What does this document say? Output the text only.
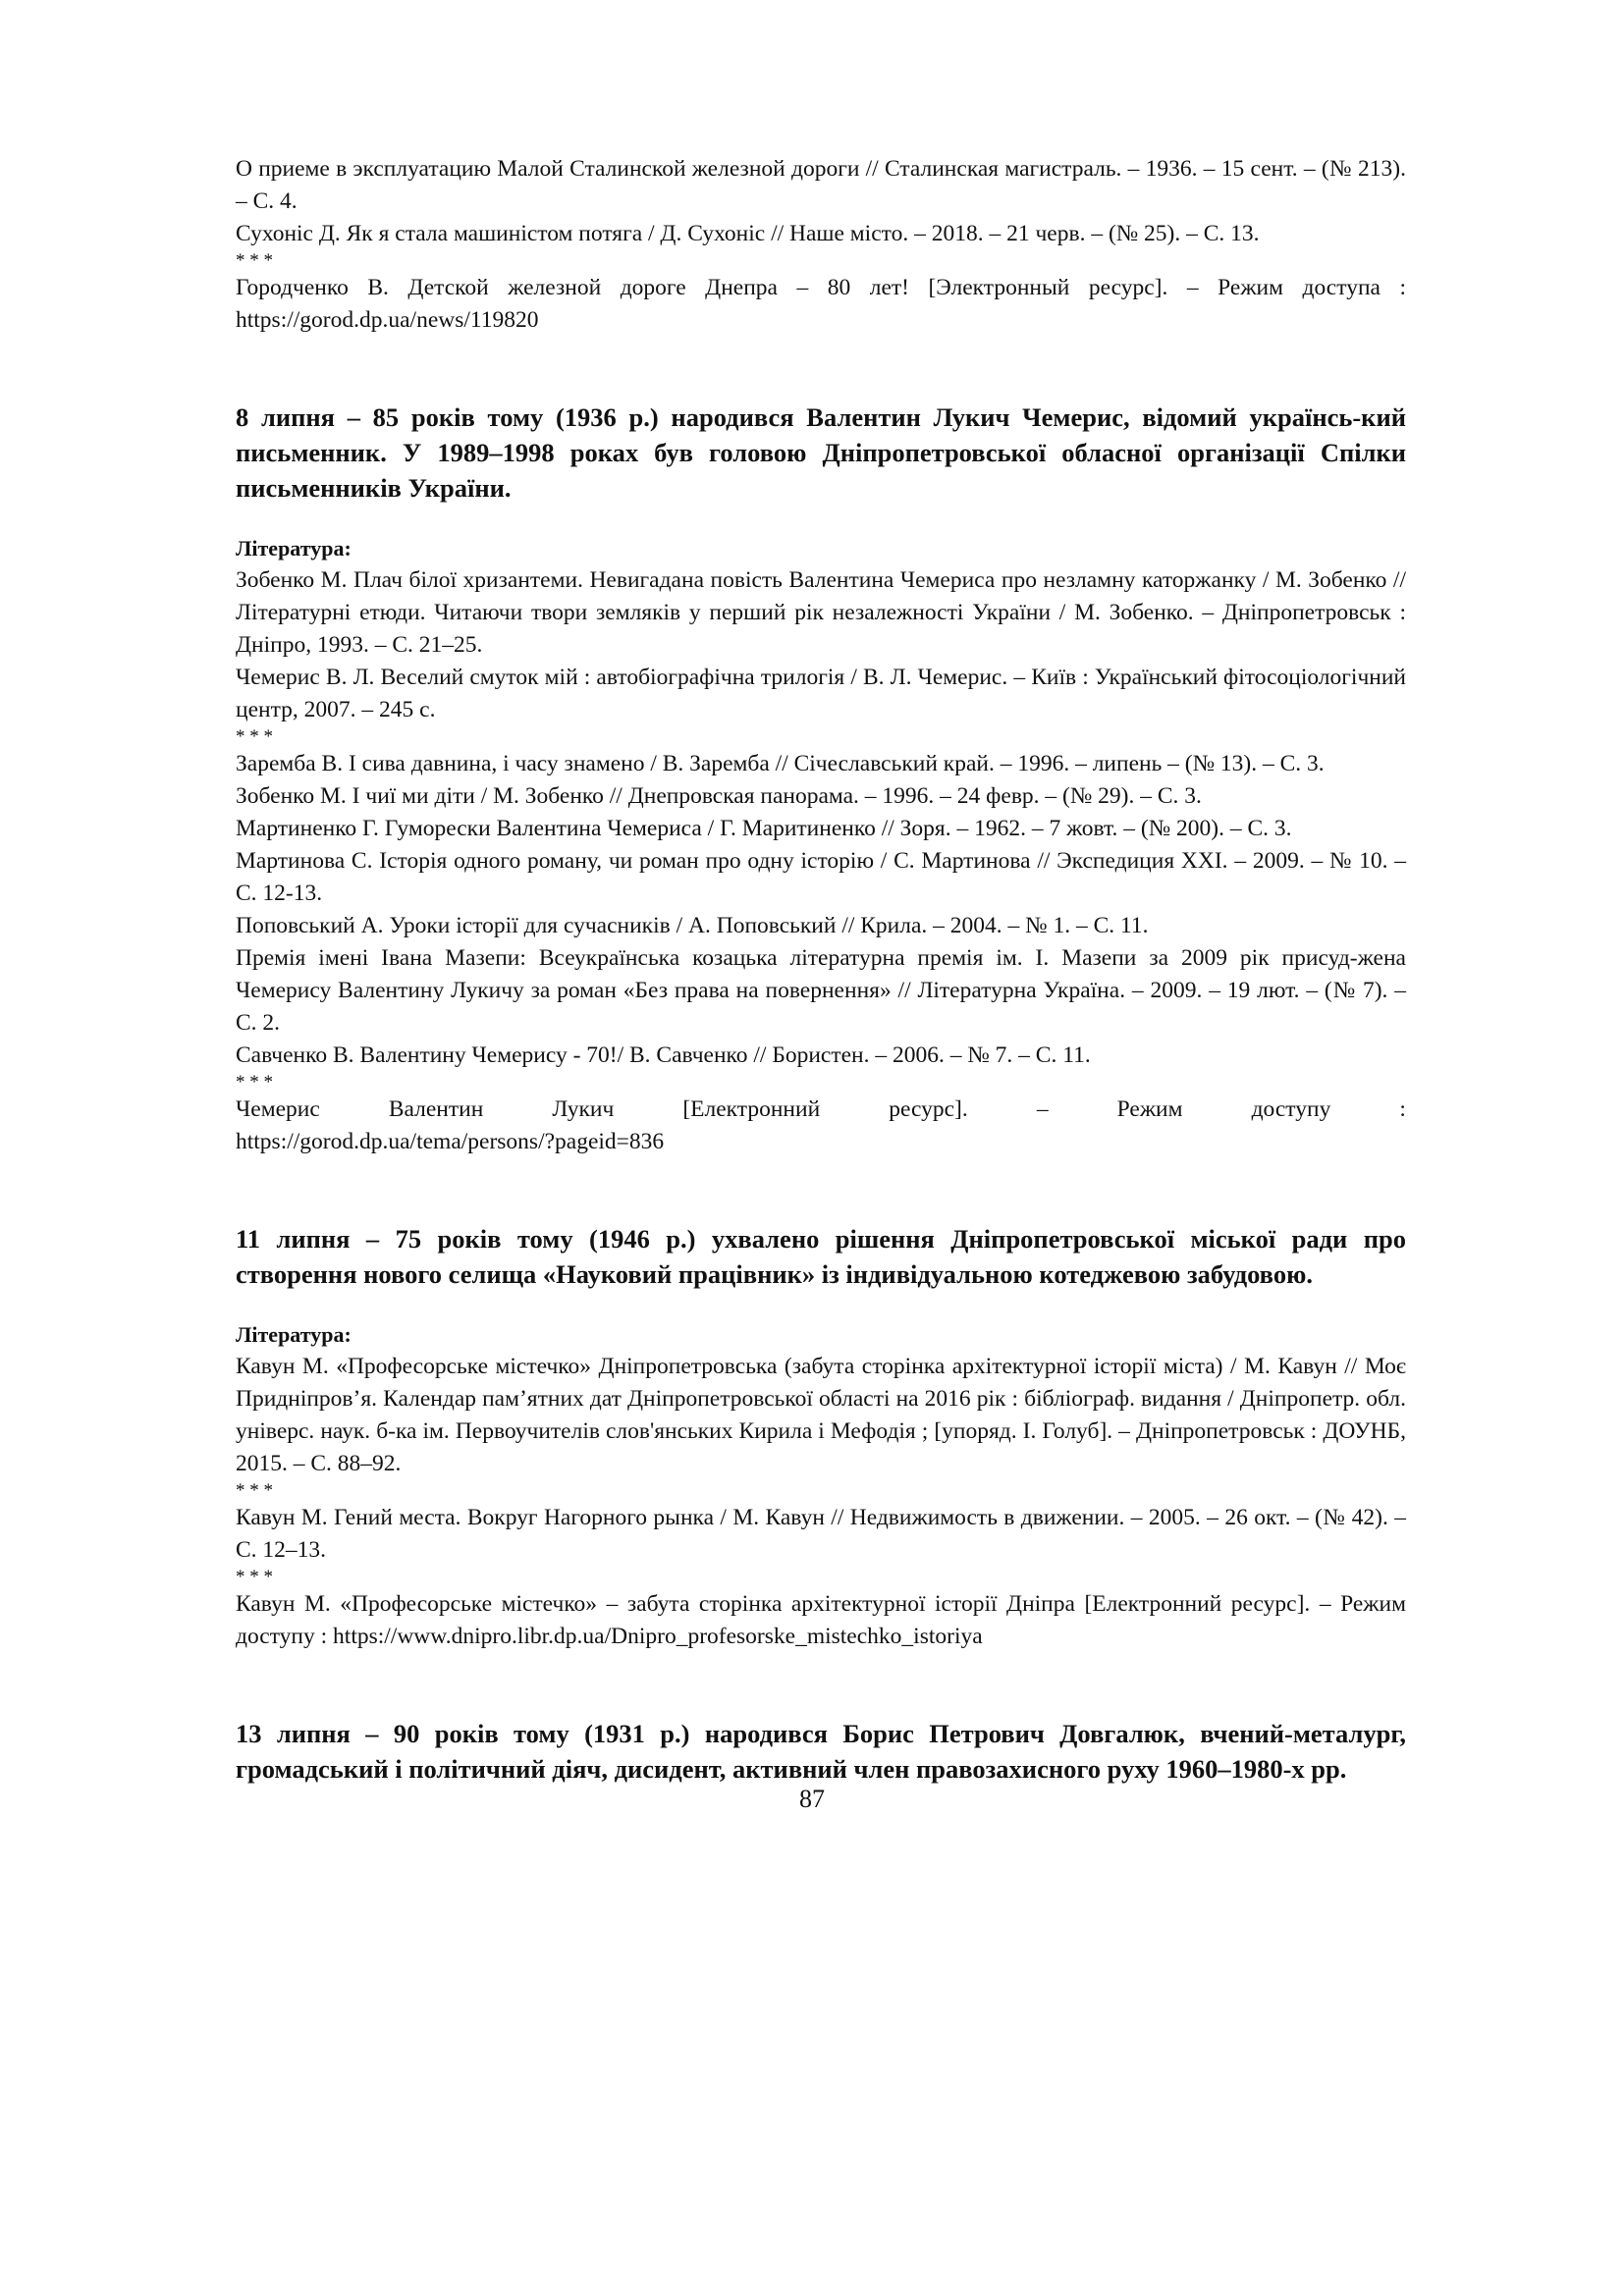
О приеме в эксплуатацию Малой Сталинской железной дороги // Сталинская магистраль. – 1936. – 15 сент. – (№ 213). – С. 4.

Сухоніс Д. Як я стала машиністом потяга / Д. Сухоніс // Наше місто. – 2018. – 21 черв. – (№ 25). – С. 13.

* * *

Городченко В. Детской железной дороге Днепра – 80 лет! [Электронный ресурс]. – Режим доступа : https://gorod.dp.ua/news/119820

8 липня – 85 років тому (1936 р.) народився Валентин Лукич Чемерис, відомий українсь-кий письменник. У 1989–1998 роках був головою Дніпропетровської обласної організації Спілки письменників України.

Література:

Зобенко М. Плач білої хризантеми. Невигадана повість Валентина Чемериса про незламну каторжанку / М. Зобенко // Літературні етюди. Читаючи твори земляків у перший рік незалежності України / М. Зобенко. – Дніпропетровськ : Дніпро, 1993. – С. 21–25.

Чемерис В. Л. Веселий смуток мій : автобіографічна трилогія / В. Л. Чемерис. – Київ : Український фітосоціологічний центр, 2007. – 245 с.

* * *

Заремба В. І сива давнина, і часу знамено / В. Заремба // Січеславський край. – 1996. – липень – (№ 13). – С. 3.

Зобенко М. І чиї ми діти / М. Зобенко // Днепровская панорама. – 1996. – 24 февр. – (№ 29). – С. 3.

Мартиненко Г. Гуморески Валентина Чемериса / Г. Маритиненко // Зоря. – 1962. – 7 жовт. – (№ 200). – С. 3.

Мартинова С. Історія одного роману, чи роман про одну історію / С. Мартинова // Экспедиция ХХІ. – 2009. – № 10. – С. 12-13.

Поповський А. Уроки історії для сучасників / А. Поповський // Крила. – 2004. – № 1. – С. 11.

Премія імені Івана Мазепи: Всеукраїнська козацька літературна премія ім. І. Мазепи за 2009 рік присуд-жена Чемерису Валентину Лукичу за роман «Без права на повернення» // Літературна Україна. – 2009. – 19 лют. – (№ 7). – С. 2.

Савченко В. Валентину Чемерису - 70!/ В. Савченко // Бористен. – 2006. – № 7. – С. 11.

* * *

Чемерис	Валентин	Лукич	[Електронний	ресурс].	–	Режим	доступу	:

https://gorod.dp.ua/tema/persons/?pageid=836

11 липня – 75 років тому (1946 р.) ухвалено рішення Дніпропетровської міської ради про створення нового селища «Науковий працівник» із індивідуальною котеджевою забудовою.

Література:

Кавун М. «Професорське містечко» Дніпропетровська (забута сторінка архітектурної історії міста) / М. Кавун // Моє Придніпров’я. Календар пам’ятних дат Дніпропетровської області на 2016 рік : бібліограф. видання / Дніпропетр. обл. універс. наук. б-ка ім. Первоучителів слов'янських Кирила і Мефодія ; [упоряд. І. Голуб]. – Дніпропетровськ : ДОУНБ, 2015. – С. 88–92.

* * *

Кавун М. Гений места. Вокруг Нагорного рынка / М. Кавун // Недвижимость в движении. – 2005. – 26 окт. – (№ 42). – С. 12–13.

* * *

Кавун М. «Професорське містечко» – забута сторінка архітектурної історії Дніпра [Електронний ресурс]. – Режим доступу : https://www.dnipro.libr.dp.ua/Dnipro_profesorske_mistechko_istoriya

13 липня – 90 років тому (1931 р.) народився Борис Петрович Довгалюк, вчений-металург, громадський і політичний діяч, дисидент, активний член правозахисного руху 1960–1980-х рр.

87
